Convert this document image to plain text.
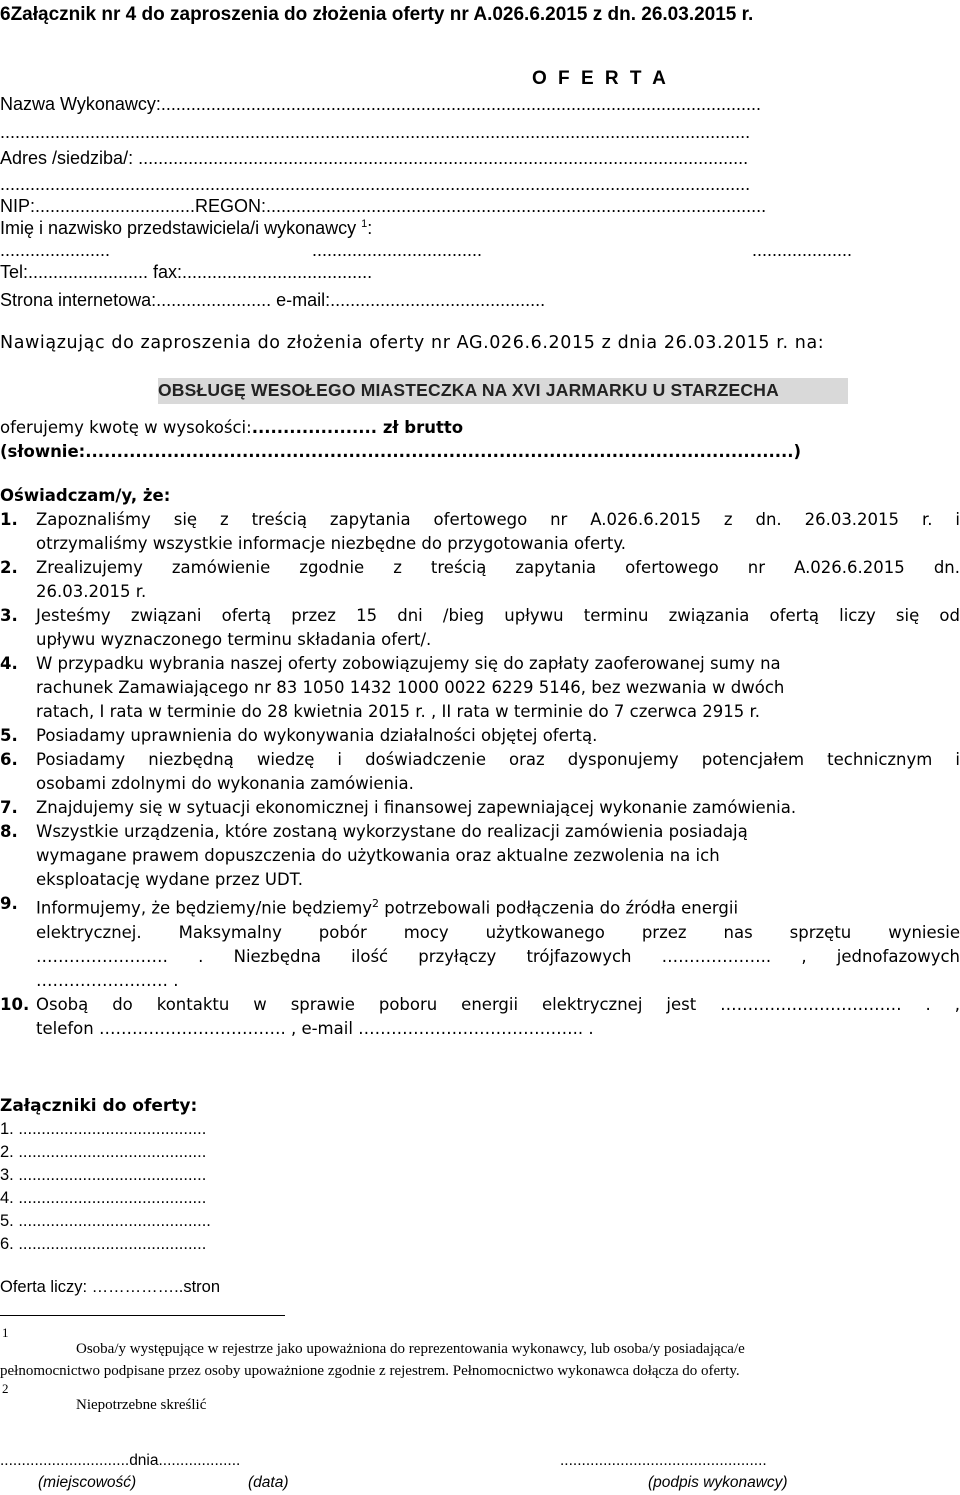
6Załącznik nr 4 do zaproszenia do złożenia oferty nr A.026.6.2015 z dn. 26.03.2015 r.
O F E R T A
Nazwa Wykonawcy:........................................................................................................................
......................................................................................................................................................
Adres /siedziba/: ..........................................................................................................................
......................................................................................................................................................
NIP:................................REGON:....................................................................................................
Imię i nazwisko przedstawiciela/i wykonawcy $^1$:
......................	..................................	....................
Tel:........................ fax:......................................
Strona internetowa:....................... e-mail:...........................................
Nawiązując do zaproszenia do złożenia oferty nr AG.026.6.2015 z dnia 26.03.2015 r. na:
OBSŁUGĘ WESOŁEGO MIASTECZKA NA XVI JARMARKU U STARZECHA
oferujemy kwotę w wysokości:.................... zł brutto
(słownie:.................................................................................................................)
Oświadczam/y, że:
1.	Zapoznaliśmy się z treścią zapytania ofertowego nr A.026.6.2015 z dn. 26.03.2015 r. i
otrzymaliśmy wszystkie informacje niezbędne do przygotowania oferty.
2.	Zrealizujemy zamówienie zgodnie z treścią zapytania ofertowego nr A.026.6.2015 dn.
26.03.2015 r.
3.	Jesteśmy związani ofertą przez 15 dni /bieg upływu terminu związania ofertą liczy się od
upływu wyznaczonego terminu składania ofert/.
4.	W przypadku wybrania naszej oferty zobowiązujemy się do zapłaty zaoferowanej sumy na
rachunek Zamawiającego nr 83 1050 1432 1000 0022 6229 5146, bez wezwania w dwóch
ratach, I rata w terminie do 28 kwietnia 2015 r. , II rata w terminie do 7 czerwca 2915 r.
5.	Posiadamy uprawnienia do wykonywania działalności objętej ofertą.
6.	Posiadamy niezbędną wiedzę i doświadczenie oraz dysponujemy potencjałem technicznym i
osobami zdolnymi do wykonania zamówienia.
7.	Znajdujemy się w sytuacji ekonomicznej i finansowej zapewniającej wykonanie zamówienia.
8.	Wszystkie urządzenia, które zostaną wykorzystane do realizacji zamówienia posiadają
wymagane prawem dopuszczenia do użytkowania oraz aktualne zezwolenia na ich
eksploatację wydane przez UDT.
9.	Informujemy, że będziemy/nie będziemy$^2$ potrzebowali podłączenia do źródła energii
elektrycznej. Maksymalny pobór mocy użytkowanego przez nas sprzętu wyniesie
…………………… . Niezbędna ilość przyłączy trójfazowych ……………….. , jednofazowych
…………………… .
10. Osobą do kontaktu w sprawie poboru energii elektrycznej jest …………………………… . ,
telefon ……………………………. , e-mail ………………………………….. .
Załączniki do oferty:
1. .........................................
2. .........................................
3. .........................................
4. .........................................
5. ..........................................
6. .........................................
Oferta liczy: ……………..stron
1
Osoba/y występujące w rejestrze jako upoważniona do reprezentowania wykonawcy, lub osoba/y posiadająca/e
pełnomocnictwo podpisane przez osoby upoważnione zgodnie z rejestrem. Pełnomocnictwo wykonawca dołącza do oferty.
2
Niepotrzebne skreślić
..............................dnia...................
(miejscowość)	(data)
................................................
(podpis wykonawcy)
